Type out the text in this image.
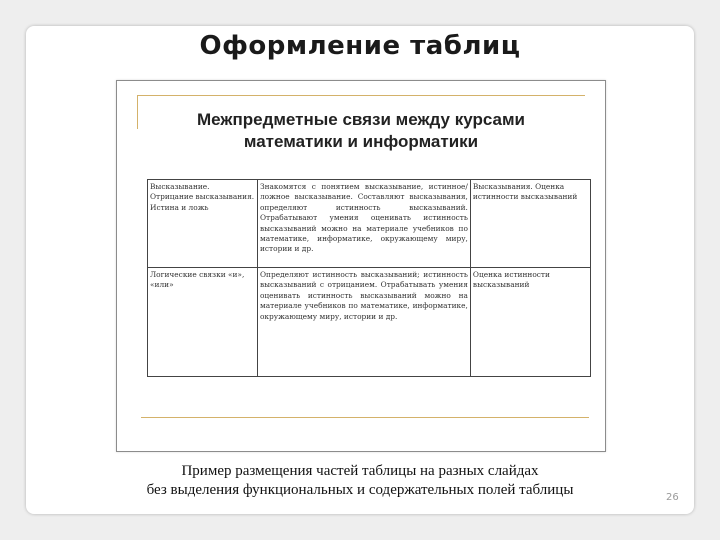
Оформление таблиц
Межпредметные связи между курсами
математики и информатики
Высказывание. Отрицание высказывания. Истина и ложь	Знакомятся с понятием высказывание, истинное/ложное высказывание. Составляют высказывания, определяют истинность высказываний. Отрабатывают умения оценивать истинность высказываний можно на материале учебников по математике, информатике, окружающему миру, истории и др.	Высказывания. Оценка истинности высказываний
Логические связки «и», «или»	Определяют истинность высказываний; истинность высказываний с отрицанием. Отрабатывать умения оценивать истинность высказываний можно на материале учебников по математике, информатике, окружающему миру, истории и др.	Оценка истинности высказываний
Пример размещения частей таблицы на разных слайдах
без выделения функциональных и содержательных полей таблицы	26
